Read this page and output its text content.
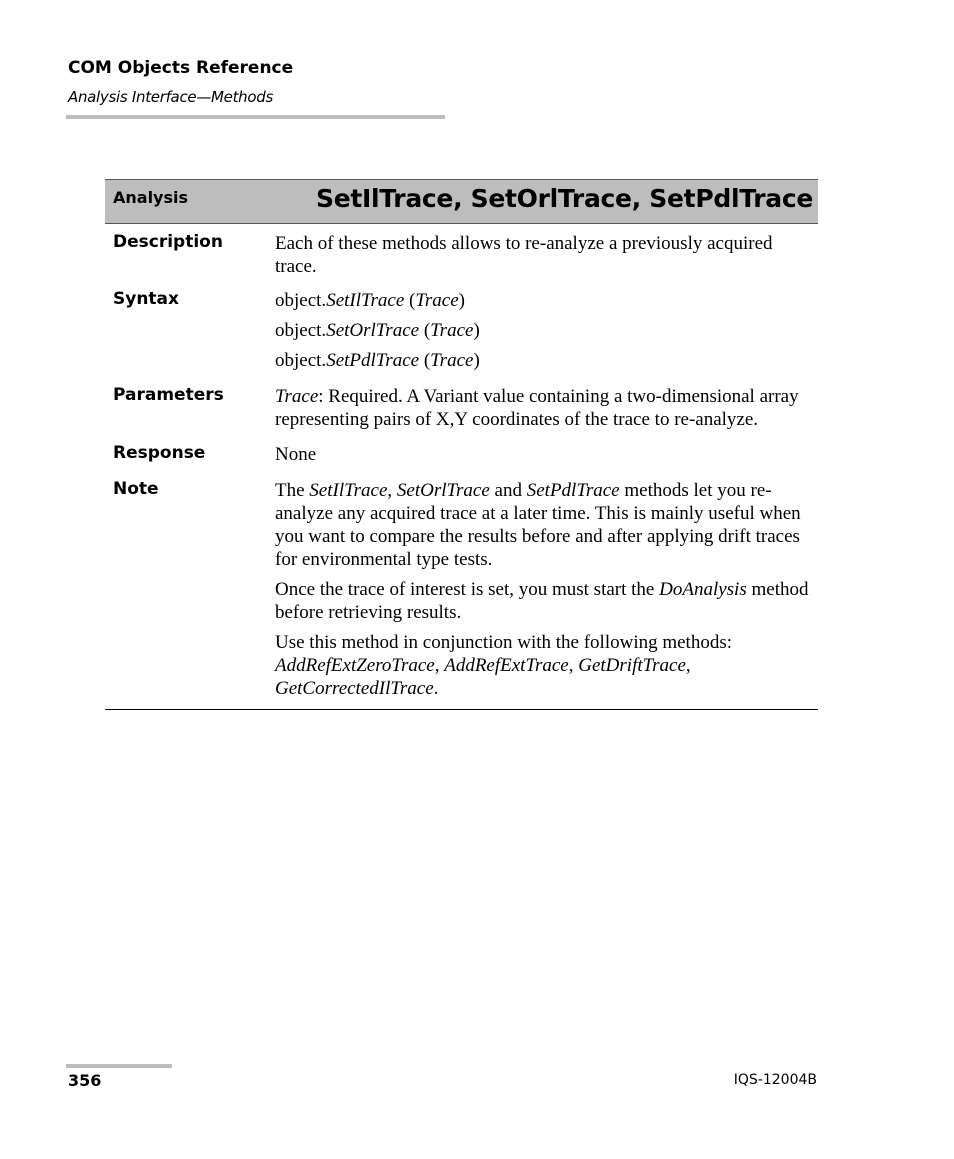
COM Objects Reference
Analysis Interface—Methods
Analysis	SetIlTrace, SetOrlTrace, SetPdlTrace
Description	Each of these methods allows to re-analyze a previously acquired trace.

Syntax	object.SetIlTrace (Trace)

object.SetOrlTrace (Trace)

object.SetPdlTrace (Trace)

Parameters	Trace: Required. A Variant value containing a two-dimensional array representing pairs of X,Y coordinates of the trace to re-analyze.

Response	None

Note	The SetIlTrace, SetOrlTrace and SetPdlTrace methods let you re-analyze any acquired trace at a later time. This is mainly useful when you want to compare the results before and after applying drift traces for environmental type tests.

Once the trace of interest is set, you must start the DoAnalysis method before retrieving results.

Use this method in conjunction with the following methods: AddRefExtZeroTrace, AddRefExtTrace, GetDriftTrace, GetCorrectedIlTrace.

356	IQS-12004B
